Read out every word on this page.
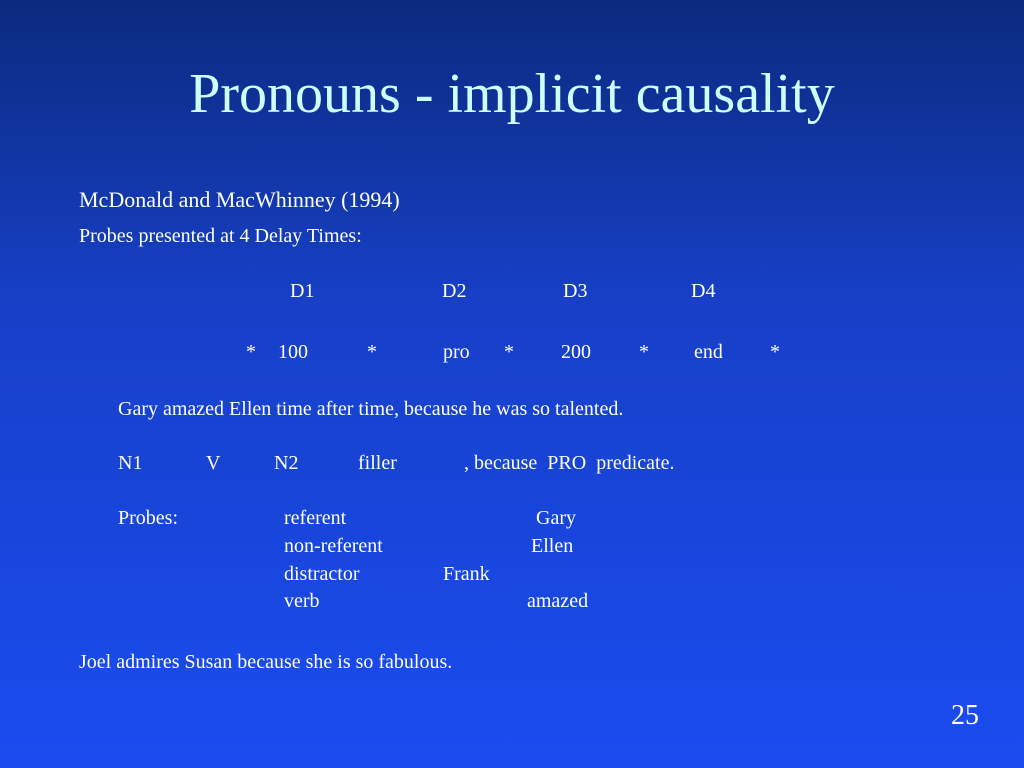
Pronouns - implicit causality
McDonald and MacWhinney (1994)
Probes presented at 4 Delay Times:
D1	D2	D3	D4
* 100	*	pro * 200 * end *
Gary amazed Ellen time after time, because he was so talented.
N1	V	N2	filler	, because  PRO  predicate.
Probes:	referent	Gary
non-referent	Ellen
distractor	Frank
verb	amazed
Joel admires Susan because she is so fabulous.
25
